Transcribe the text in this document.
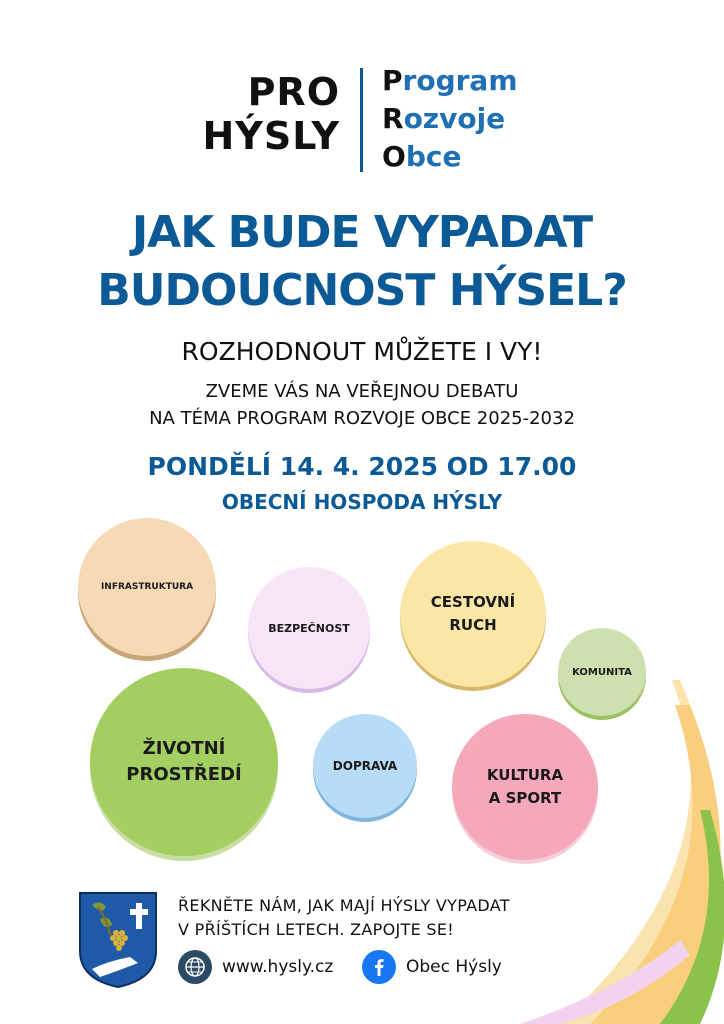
PRO
HÝSLY
Program
Rozvoje
Obce
JAK BUDE VYPADAT
BUDOUCNOST HÝSEL?
ROZHODNOUT MŮŽETE I VY!
ZVEME VÁS NA VEŘEJNOU DEBATU
NA TÉMA PROGRAM ROZVOJE OBCE 2025-2032
PONDĚLÍ 14. 4. 2025 OD 17.00
OBECNÍ HOSPODA HÝSLY
INFRASTRUKTURA
BEZPEČNOST
CESTOVNÍ
RUCH
KOMUNITA
ŽIVOTNÍ
PROSTŘEDÍ	DOPRAVA	KULTURA
A SPORT
ŘEKNĚTE NÁM, JAK MAJÍ HÝSLY VYPADAT
V PŘÍŠTÍCH LETECH. ZAPOJTE SE!
www.hysly.cz	Obec Hýsly
